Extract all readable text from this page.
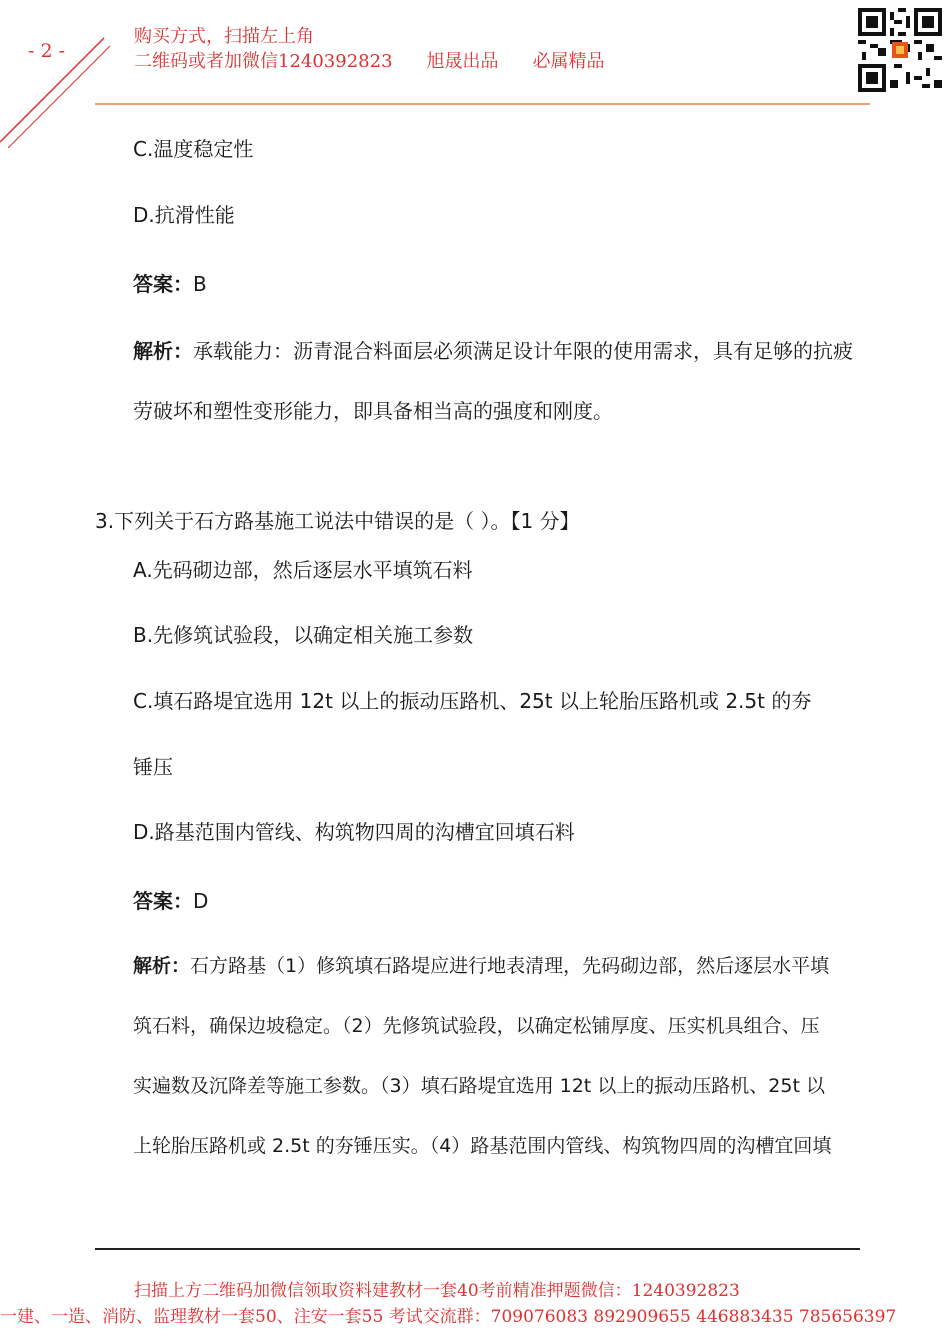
- 2 -
购买方式，扫描左上角
二维码或者加微信1240392823 旭晟出品 必属精品
C.温度稳定性
D.抗滑性能
答案：B
解析：承载能力：沥青混合料面层必须满足设计年限的使用需求，具有足够的抗疲
劳破坏和塑性变形能力，即具备相当高的强度和刚度。
3.下列关于石方路基施工说法中错误的是（ ）。【1 分】
A.先码砌边部，然后逐层水平填筑石料
B.先修筑试验段，以确定相关施工参数
C.填石路堤宜选用 12t 以上的振动压路机、25t 以上轮胎压路机或 2.5t 的夯
锤压
D.路基范围内管线、构筑物四周的沟槽宜回填石料
答案：D
解析：石方路基（1）修筑填石路堤应进行地表清理，先码砌边部，然后逐层水平填
筑石料，确保边坡稳定。（2）先修筑试验段，以确定松铺厚度、压实机具组合、压
实遍数及沉降差等施工参数。（3）填石路堤宜选用 12t 以上的振动压路机、25t 以
上轮胎压路机或 2.5t 的夯锤压实。（4）路基范围内管线、构筑物四周的沟槽宜回填
扫描上方二维码加微信领取资料建教材一套40考前精准押题微信：1240392823
一建、一造、消防、监理教材一套50、注安一套55 考试交流群：709076083 892909655 446883435 785656397
